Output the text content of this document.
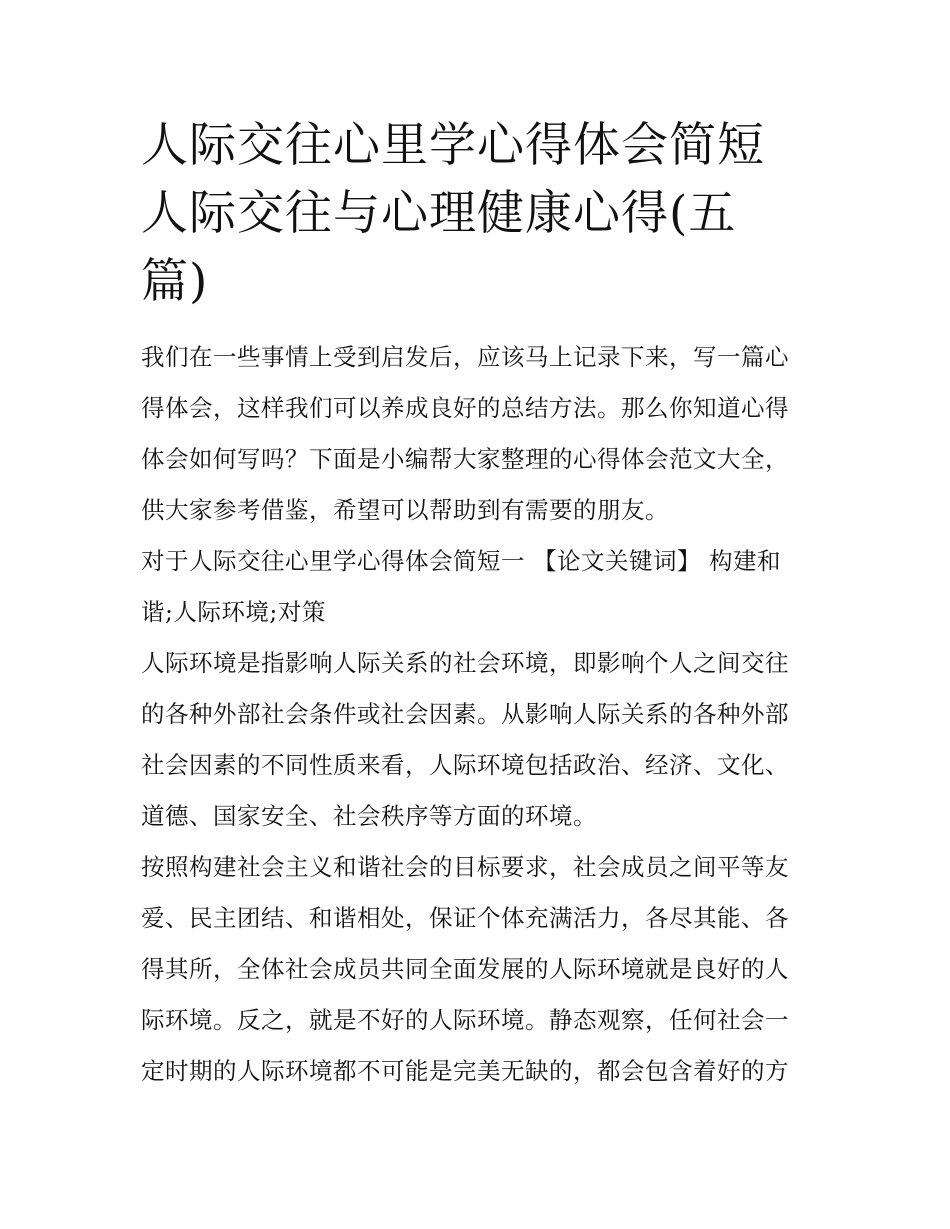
人际交往心里学心得体会简短
人际交往与心理健康心得(五
篇)

我们在一些事情上受到启发后，应该马上记录下来，写一篇心
得体会，这样我们可以养成良好的总结方法。那么你知道心得
体会如何写吗？下面是小编帮大家整理的心得体会范文大全，
供大家参考借鉴，希望可以帮助到有需要的朋友。

对于人际交往心里学心得体会简短一 【论文关键词】 构建和
谐;人际环境;对策

人际环境是指影响人际关系的社会环境，即影响个人之间交往
的各种外部社会条件或社会因素。从影响人际关系的各种外部
社会因素的不同性质来看，人际环境包括政治、经济、文化、
道德、国家安全、社会秩序等方面的环境。

按照构建社会主义和谐社会的目标要求，社会成员之间平等友
爱、民主团结、和谐相处，保证个体充满活力，各尽其能、各
得其所，全体社会成员共同全面发展的人际环境就是良好的人
际环境。反之，就是不好的人际环境。静态观察，任何社会一
定时期的人际环境都不可能是完美无缺的，都会包含着好的方
